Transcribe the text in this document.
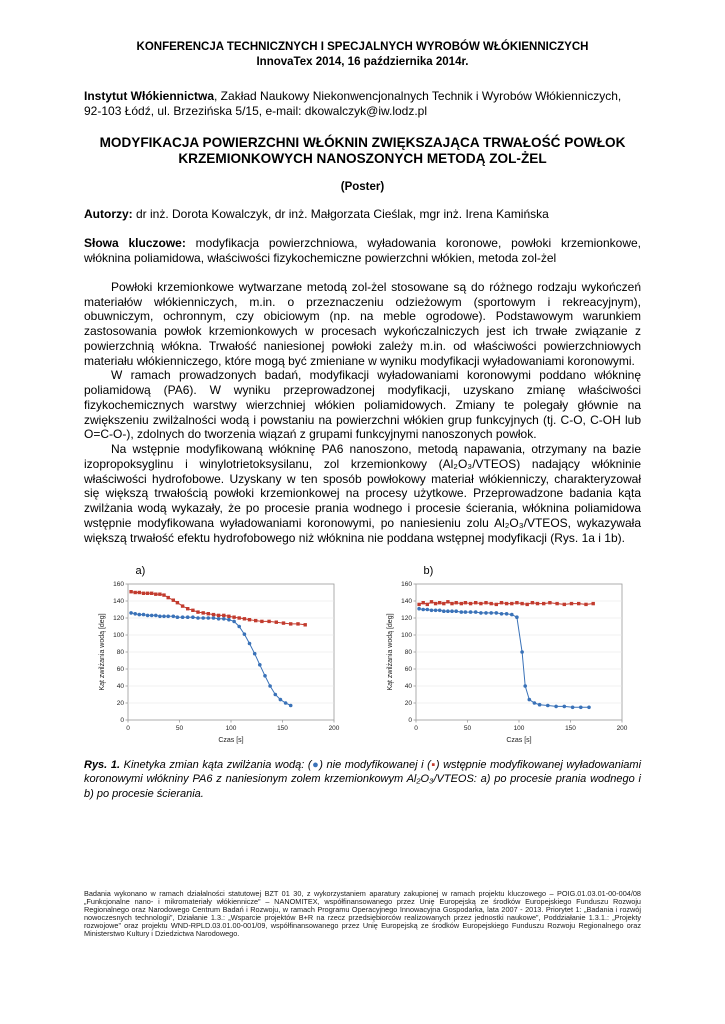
KONFERENCJA TECHNICZNYCH I SPECJALNYCH WYROBÓW WŁÓKIENNICZYCH
InnovaTex 2014, 16 października 2014r.
Instytut Włókiennictwa, Zakład Naukowy Niekonwencjonalnych Technik i Wyrobów Włókienniczych, 92-103 Łódź, ul. Brzezińska 5/15, e-mail: dkowalczyk@iw.lodz.pl
MODYFIKACJA POWIERZCHNI WŁÓKNIN ZWIĘKSZAJĄCA TRWAŁOŚĆ POWŁOK KRZEMIONKOWYCH NANOSZONYCH METODĄ ZOL-ŻEL
(Poster)
Autorzy: dr inż. Dorota Kowalczyk, dr inż. Małgorzata Cieślak, mgr inż. Irena Kamińska
Słowa kluczowe: modyfikacja powierzchniowa, wyładowania koronowe, powłoki krzemionkowe, włóknina poliamidowa, właściwości fizykochemiczne powierzchni włókien, metoda zol-żel

Powłoki krzemionkowe wytwarzane metodą zol-żel stosowane są do różnego rodzaju wykończeń materiałów włókienniczych, m.in. o przeznaczeniu odzieżowym (sportowym i rekreacyjnym), obuwniczym, ochronnym, czy obiciowym (np. na meble ogrodowe). Podstawowym warunkiem zastosowania powłok krzemionkowych w procesach wykończalniczych jest ich trwałe związanie z powierzchnią włókna. Trwałość naniesionej powłoki zależy m.in. od właściwości powierzchniowych materiału włókienniczego, które mogą być zmieniane w wyniku modyfikacji wyładowaniami koronowymi.

W ramach prowadzonych badań, modyfikacji wyładowaniami koronowymi poddano włókninę poliamidową (PA6). W wyniku przeprowadzonej modyfikacji, uzyskano zmianę właściwości fizykochemicznych warstwy wierzchniej włókien poliamidowych. Zmiany te polegały głównie na zwiększeniu zwilżalności wodą i powstaniu na powierzchni włókien grup funkcyjnych (tj. C-O, C-OH lub O=C-O-), zdolnych do tworzenia wiązań z grupami funkcyjnymi nanoszonych powłok.

Na wstępnie modyfikowaną włókninę PA6 nanoszono, metodą napawania, otrzymany na bazie izopropoksyglinu i winylotrietoksysilanu, zol krzemionkowy (Al₂O₃/VTEOS) nadający włókninie właściwości hydrofobowe. Uzyskany w ten sposób powłokowy materiał włókienniczy, charakteryzował się większą trwałością powłoki krzemionkowej na procesy użytkowe. Przeprowadzone badania kąta zwilżania wodą wykazały, że po procesie prania wodnego i procesie ścierania, włóknina poliamidowa wstępnie modyfikowana wyładowaniami koronowymi, po naniesieniu zolu Al₂O₃/VTEOS, wykazywała większą trwałość efektu hydrofobowego niż włóknina nie poddana wstępnej modyfikacji (Rys. 1a i 1b).

a)
0
20
40
60
80
100
120
140
160
0	50	100	150	200
Czas [s]
Kąt zwilżania wodą [deg]
b)
0
20
40
60
80
100
120
140
160
0	50	100	150	200
Czas [s]
Kąt zwilżania wodą [deg]
Rys. 1. Kinetyka zmian kąta zwilżania wodą: (●) nie modyfikowanej i (▪) wstępnie modyfikowanej wyładowaniami koronowymi włókniny PA6 z naniesionym zolem krzemionkowym Al₂O₃/VTEOS: a) po procesie prania wodnego i b) po procesie ścierania.
Badania wykonano w ramach działalności statutowej BZT 01 30, z wykorzystaniem aparatury zakupionej w ramach projektu kluczowego – POIG.01.03.01-00-004/08 „Funkcjonalne nano- i mikromateriały włókiennicze” – NANOMITEX, współfinansowanego przez Unię Europejską ze środków Europejskiego Funduszu Rozwoju Regionalnego oraz Narodowego Centrum Badań i Rozwoju, w ramach Programu Operacyjnego Innowacyjna Gospodarka, lata 2007 - 2013. Priorytet 1: „Badania i rozwój nowoczesnych technologii”, Działanie 1.3.: „Wsparcie projektów B+R na rzecz przedsiębiorców realizowanych przez jednostki naukowe”, Poddziałanie 1.3.1.: „Projekty rozwojowe” oraz projektu WND-RPLD.03.01.00-001/09, współfinansowanego przez Unię Europejską ze środków Europejskiego Funduszu Rozwoju Regionalnego oraz Ministerstwo Kultury i Dziedzictwa Narodowego.
